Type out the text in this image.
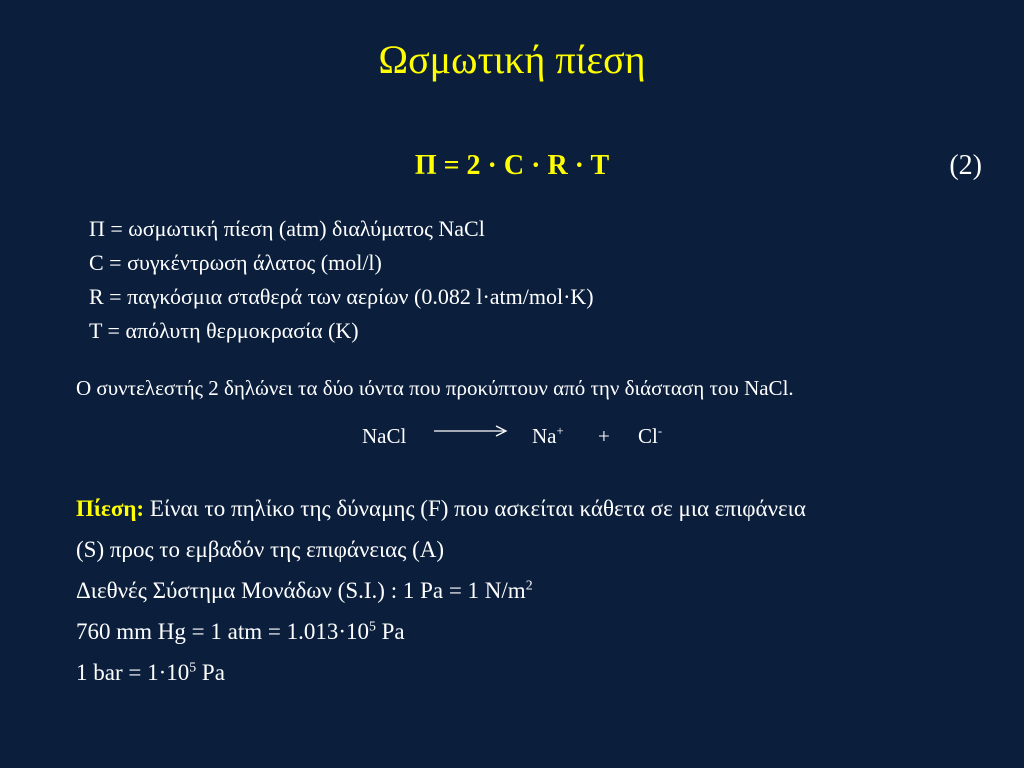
Ωσμωτική πίεση
Π = 2 · C · R · T	(2)
Π = ωσμωτική πίεση (atm) διαλύματος NaCl
C = συγκέντρωση άλατος (mol/l)
R = παγκόσμια σταθερά των αερίων (0.082 l·atm/mol·K)
T = απόλυτη θερμοκρασία (K)
Ο συντελεστής 2 δηλώνει τα δύο ιόντα που προκύπτουν από την διάσταση του NaCl.
NaCl → Na+ + Cl-
Πίεση: Είναι το πηλίκο της δύναμης (F) που ασκείται κάθετα σε μια επιφάνεια
(S) προς το εμβαδόν της επιφάνειας (A)
Διεθνές Σύστημα Μονάδων (S.I.) : 1 Pa = 1 $N/m^2$
760 mm Hg = 1 atm = $1.013\cdot 10^5$ Pa
1 bar = $1\cdot 10^5$ Pa
